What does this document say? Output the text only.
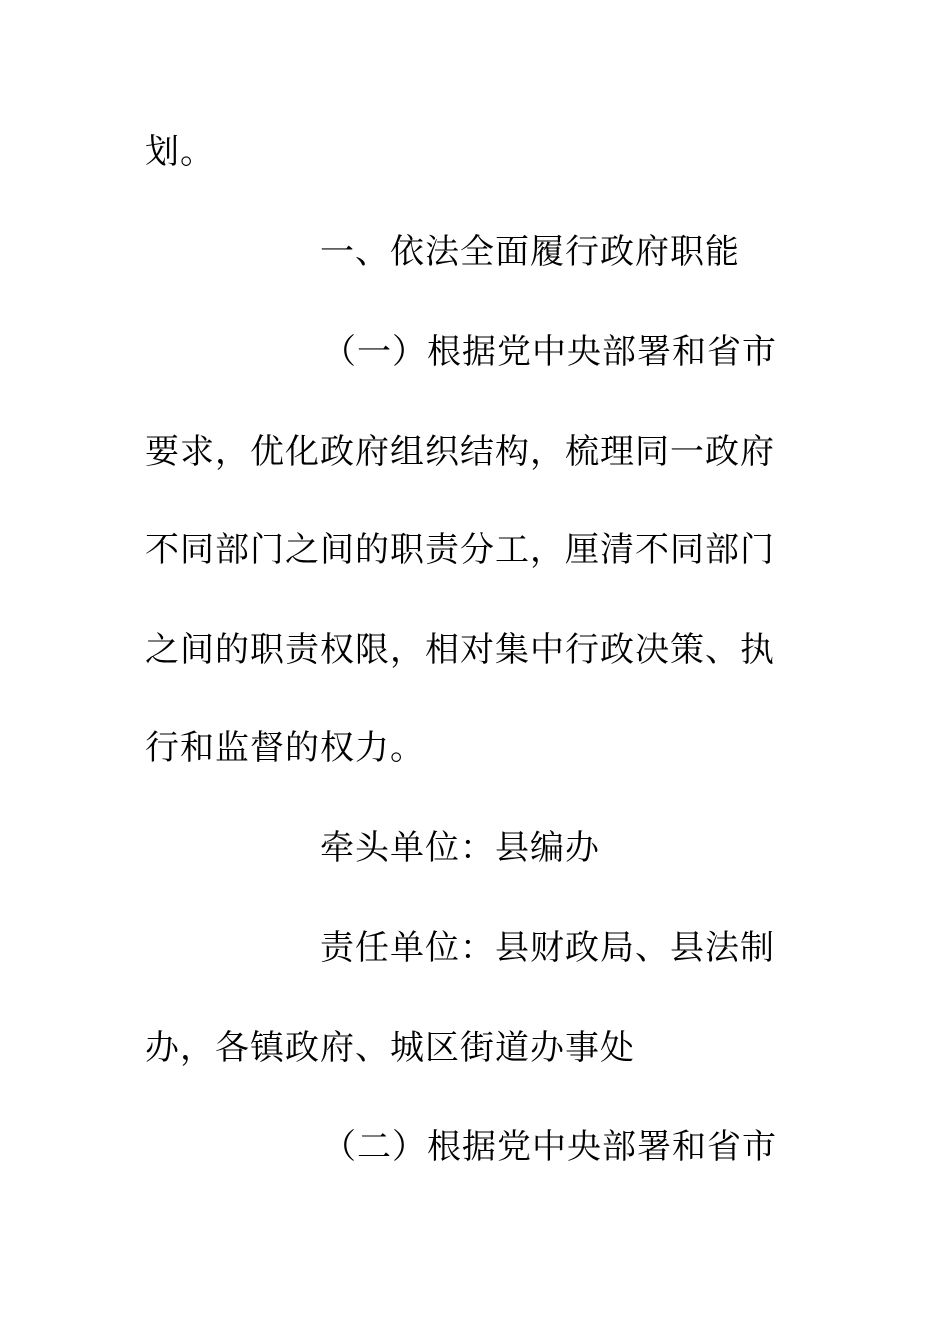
划。
一、依法全面履行政府职能
（一）根据党中央部署和省市
要求，优化政府组织结构，梳理同一政府
不同部门之间的职责分工，厘清不同部门
之间的职责权限，相对集中行政决策、执
行和监督的权力。
牵头单位：县编办
责任单位：县财政局、县法制
办，各镇政府、城区街道办事处
（二）根据党中央部署和省市
